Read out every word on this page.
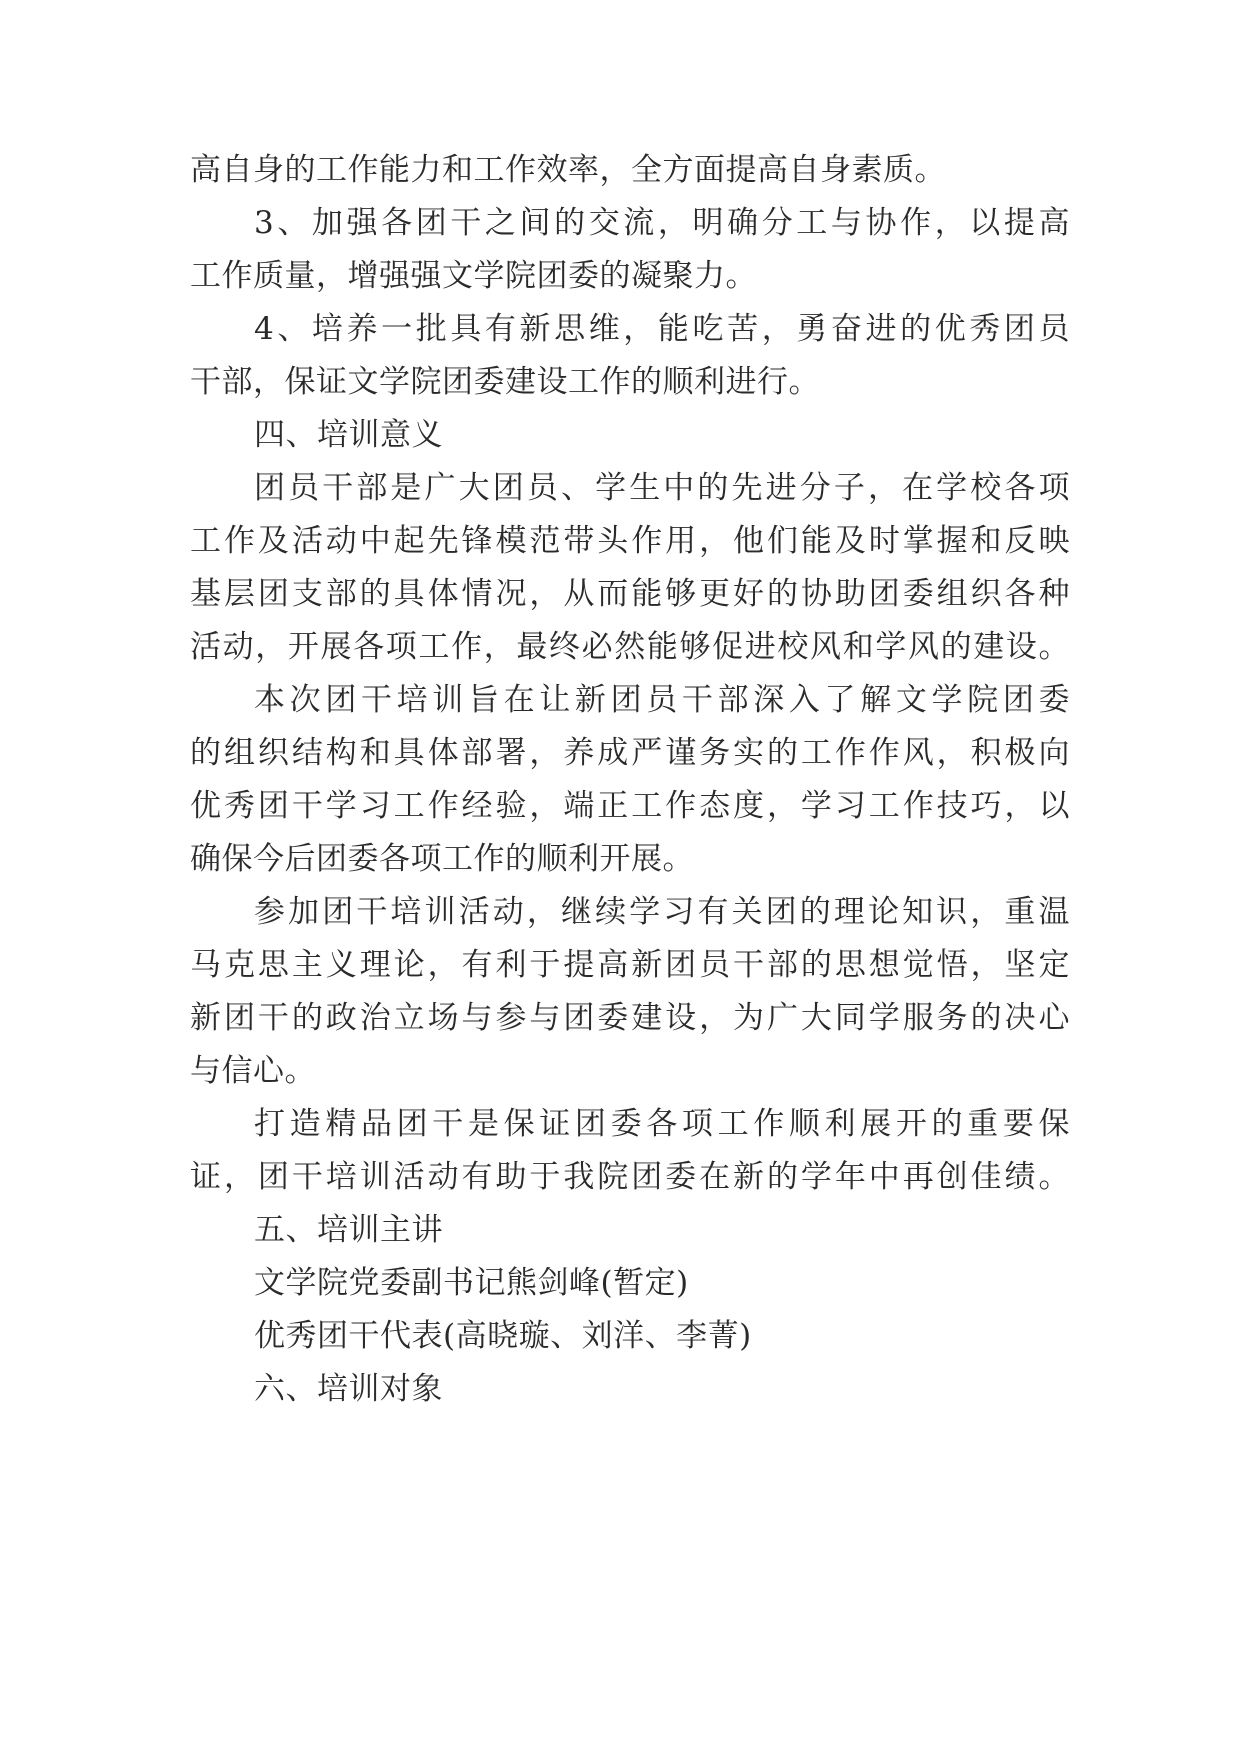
高自身的工作能力和工作效率，全方面提高自身素质。
3、加强各团干之间的交流，明确分工与协作，以提高
工作质量，增强强文学院团委的凝聚力。
4、培养一批具有新思维，能吃苦，勇奋进的优秀团员
干部，保证文学院团委建设工作的顺利进行。
四、培训意义
团员干部是广大团员、学生中的先进分子，在学校各项
工作及活动中起先锋模范带头作用，他们能及时掌握和反映
基层团支部的具体情况，从而能够更好的协助团委组织各种
活动，开展各项工作，最终必然能够促进校风和学风的建设。
本次团干培训旨在让新团员干部深入了解文学院团委
的组织结构和具体部署，养成严谨务实的工作作风，积极向
优秀团干学习工作经验，端正工作态度，学习工作技巧，以
确保今后团委各项工作的顺利开展。
参加团干培训活动，继续学习有关团的理论知识，重温
马克思主义理论，有利于提高新团员干部的思想觉悟，坚定
新团干的政治立场与参与团委建设，为广大同学服务的决心
与信心。
打造精品团干是保证团委各项工作顺利展开的重要保
证，团干培训活动有助于我院团委在新的学年中再创佳绩。
五、培训主讲
文学院党委副书记熊剑峰(暂定)
优秀团干代表(高晓璇、刘洋、李菁)
六、培训对象
